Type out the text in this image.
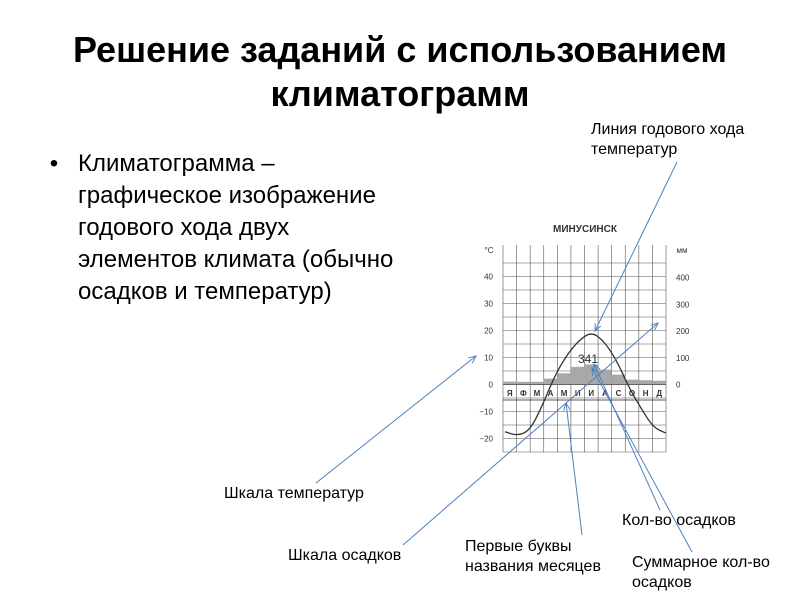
Решение заданий с использованием климатограмм
• Климатограмма – графическое изображение годового хода двух элементов климата (обычно осадков и температур)
МИНУСИНСК
°С	мм
Я Ф М А М И И А С О Н Д
40
30
20
10
0
−10
−20
400
300
200
100
0
341
Линия годового хода температур
Шкала температур
Шкала осадков
Первые буквы названия месяцев
Кол-во осадков
Суммарное кол-во осадков
